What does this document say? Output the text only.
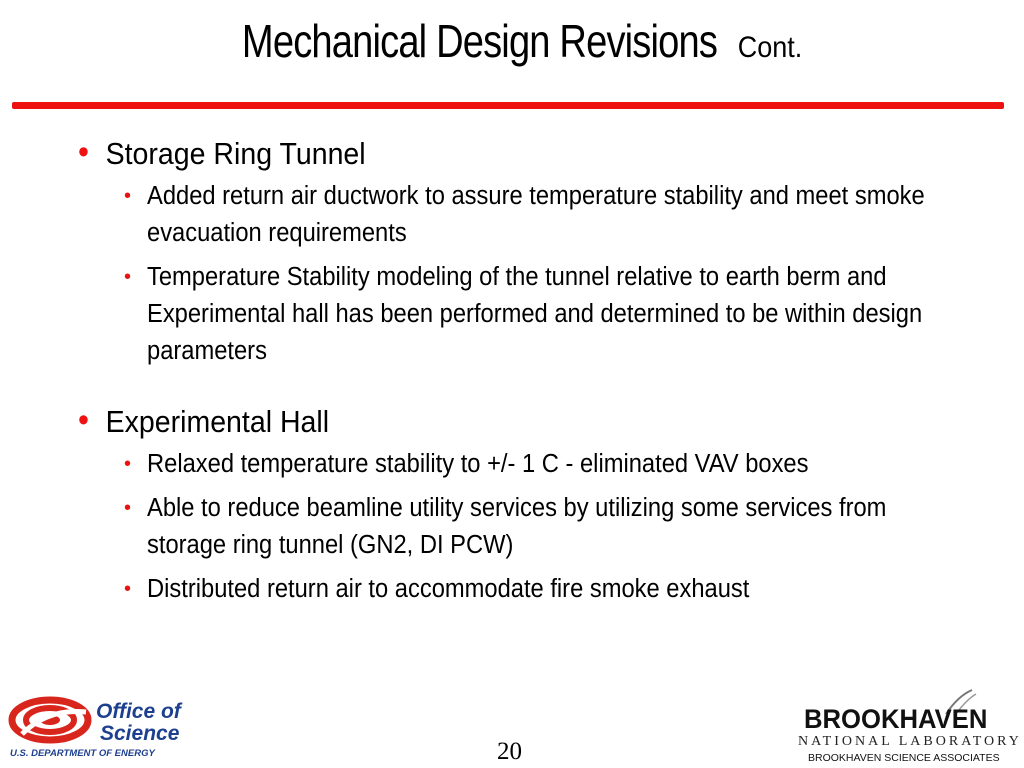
Mechanical Design Revisions Cont.
• Storage Ring Tunnel
• Added return air ductwork to assure temperature stability and meet smoke evacuation requirements
• Temperature Stability modeling of the tunnel relative to earth berm and Experimental hall has been performed and determined to be within design parameters
• Experimental Hall
• Relaxed temperature stability to +/- 1 C - eliminated VAV boxes
• Able to reduce beamline utility services by utilizing some services from storage ring tunnel (GN2, DI PCW)
• Distributed return air to accommodate fire smoke exhaust
Office of
Science
U.S. DEPARTMENT OF ENERGY	20
BROOKHAVEN
NATIONAL LABORATORY
BROOKHAVEN SCIENCE ASSOCIATES
